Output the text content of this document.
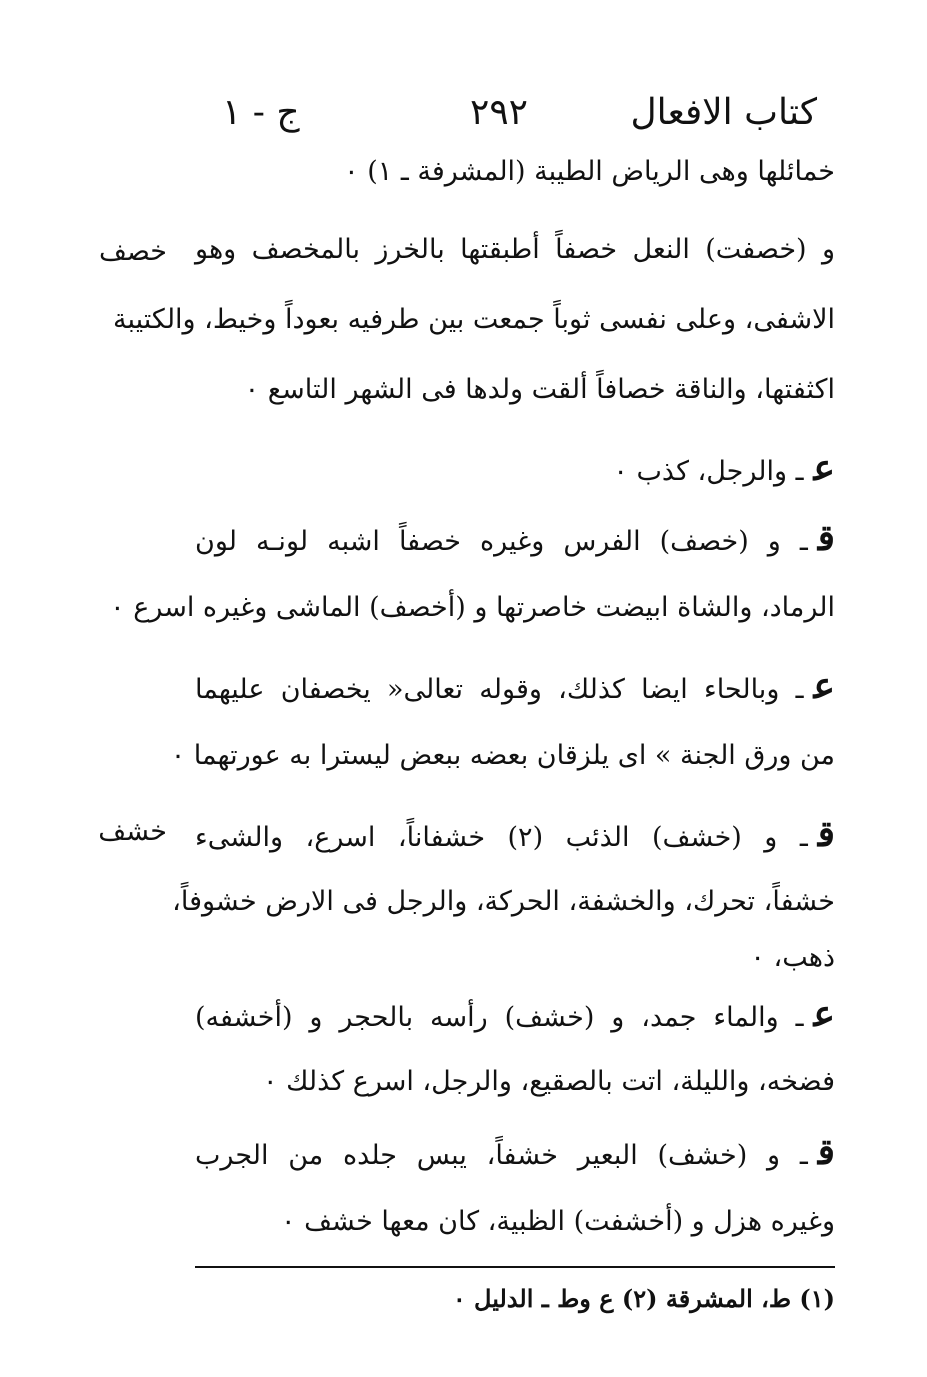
كتاب الافعال
٢٩٢
ج - ١
خصف
خشف
خمائلها وهى الرياض الطيبة (المشرفة ـ ١) ٠
و (خصفت) النعل خصفاً أطبقتها بالخرز بالمخصف وهو
الاشفى، وعلى نفسى ثوباً جمعت بين طرفيه بعوداً وخيط، والكتيبة
اكثفتها، والناقة خصافاً ألقت ولدها فى الشهر التاسع ٠
عـ والرجل، كذب ٠
قـ و (خصف) الفرس وغيره خصفاً اشبه لونـه لون
الرماد، والشاة ابيضت خاصرتها و (أخصف) الماشى وغيره اسرع ٠
عـ وبالحاء ايضا كذلك، وقوله تعالى« يخصفان عليهما
من ورق الجنة » اى يلزقان بعضه ببعض ليسترا به عورتهما ٠
قـ و (خشف) الذئب (٢) خشفاناً، اسرع، والشىء
خشفاً، تحرك، والخشفة، الحركة، والرجل فى الارض خشوفاً،
ذهب، ٠
عـ والماء جمد، و (خشف) رأسه بالحجر و (أخشفه)
فضخه، والليلة، اتت بالصقيع، والرجل، اسرع كذلك ٠
قـ و (خشف) البعير خشفاً، يبس جلده من الجرب
وغيره هزل و (أخشفت) الظبية، كان معها خشف ٠
(١) ط، المشرقة (٢) ع وط ـ الدليل ٠
